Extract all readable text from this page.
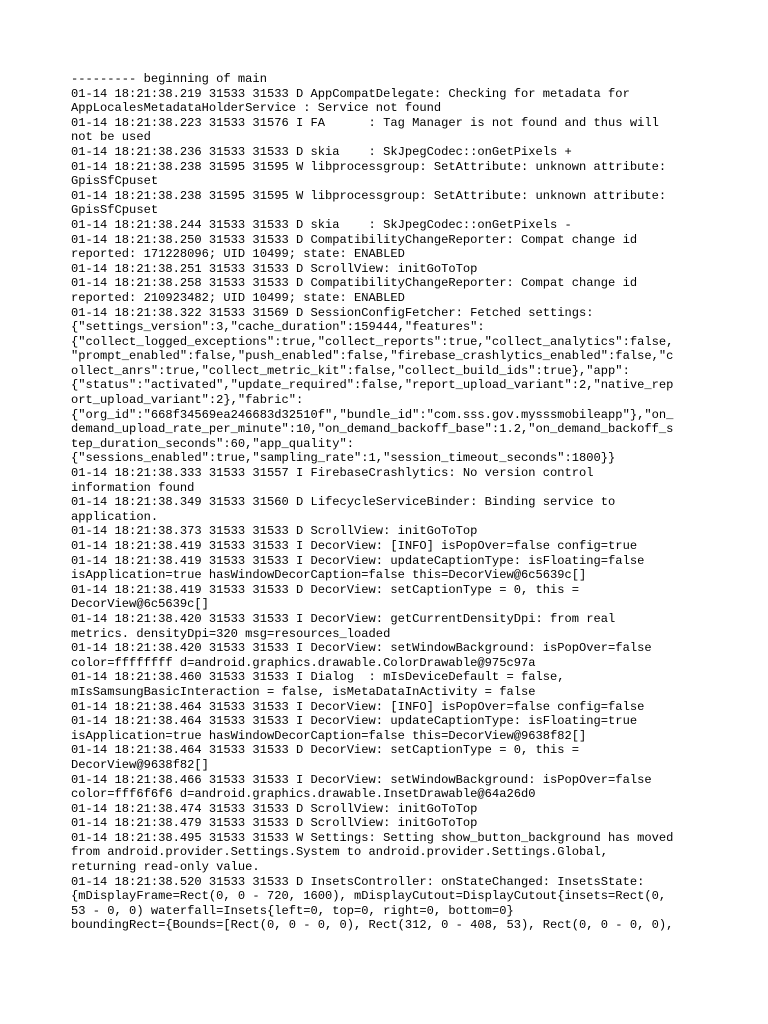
--------- beginning of main
01-14 18:21:38.219 31533 31533 D AppCompatDelegate: Checking for metadata for
AppLocalesMetadataHolderService : Service not found
01-14 18:21:38.223 31533 31576 I FA      : Tag Manager is not found and thus will
not be used
01-14 18:21:38.236 31533 31533 D skia    : SkJpegCodec::onGetPixels +
01-14 18:21:38.238 31595 31595 W libprocessgroup: SetAttribute: unknown attribute:
GpisSfCpuset
01-14 18:21:38.238 31595 31595 W libprocessgroup: SetAttribute: unknown attribute:
GpisSfCpuset
01-14 18:21:38.244 31533 31533 D skia    : SkJpegCodec::onGetPixels -
01-14 18:21:38.250 31533 31533 D CompatibilityChangeReporter: Compat change id
reported: 171228096; UID 10499; state: ENABLED
01-14 18:21:38.251 31533 31533 D ScrollView: initGoToTop
01-14 18:21:38.258 31533 31533 D CompatibilityChangeReporter: Compat change id
reported: 210923482; UID 10499; state: ENABLED
01-14 18:21:38.322 31533 31569 D SessionConfigFetcher: Fetched settings:
{"settings_version":3,"cache_duration":159444,"features":
{"collect_logged_exceptions":true,"collect_reports":true,"collect_analytics":false,
"prompt_enabled":false,"push_enabled":false,"firebase_crashlytics_enabled":false,"c
ollect_anrs":true,"collect_metric_kit":false,"collect_build_ids":true},"app":
{"status":"activated","update_required":false,"report_upload_variant":2,"native_rep
ort_upload_variant":2},"fabric":
{"org_id":"668f34569ea246683d32510f","bundle_id":"com.sss.gov.mysssmobileapp"},"on_
demand_upload_rate_per_minute":10,"on_demand_backoff_base":1.2,"on_demand_backoff_s
tep_duration_seconds":60,"app_quality":
{"sessions_enabled":true,"sampling_rate":1,"session_timeout_seconds":1800}}
01-14 18:21:38.333 31533 31557 I FirebaseCrashlytics: No version control
information found
01-14 18:21:38.349 31533 31560 D LifecycleServiceBinder: Binding service to
application.
01-14 18:21:38.373 31533 31533 D ScrollView: initGoToTop
01-14 18:21:38.419 31533 31533 I DecorView: [INFO] isPopOver=false config=true
01-14 18:21:38.419 31533 31533 I DecorView: updateCaptionType: isFloating=false
isApplication=true hasWindowDecorCaption=false this=DecorView@6c5639c[]
01-14 18:21:38.419 31533 31533 D DecorView: setCaptionType = 0, this =
DecorView@6c5639c[]
01-14 18:21:38.420 31533 31533 I DecorView: getCurrentDensityDpi: from real
metrics. densityDpi=320 msg=resources_loaded
01-14 18:21:38.420 31533 31533 I DecorView: setWindowBackground: isPopOver=false
color=ffffffff d=android.graphics.drawable.ColorDrawable@975c97a
01-14 18:21:38.460 31533 31533 I Dialog  : mIsDeviceDefault = false,
mIsSamsungBasicInteraction = false, isMetaDataInActivity = false
01-14 18:21:38.464 31533 31533 I DecorView: [INFO] isPopOver=false config=false
01-14 18:21:38.464 31533 31533 I DecorView: updateCaptionType: isFloating=true
isApplication=true hasWindowDecorCaption=false this=DecorView@9638f82[]
01-14 18:21:38.464 31533 31533 D DecorView: setCaptionType = 0, this =
DecorView@9638f82[]
01-14 18:21:38.466 31533 31533 I DecorView: setWindowBackground: isPopOver=false
color=fff6f6f6 d=android.graphics.drawable.InsetDrawable@64a26d0
01-14 18:21:38.474 31533 31533 D ScrollView: initGoToTop
01-14 18:21:38.479 31533 31533 D ScrollView: initGoToTop
01-14 18:21:38.495 31533 31533 W Settings: Setting show_button_background has moved
from android.provider.Settings.System to android.provider.Settings.Global,
returning read-only value.
01-14 18:21:38.520 31533 31533 D InsetsController: onStateChanged: InsetsState:
{mDisplayFrame=Rect(0, 0 - 720, 1600), mDisplayCutout=DisplayCutout{insets=Rect(0,
53 - 0, 0) waterfall=Insets{left=0, top=0, right=0, bottom=0}
boundingRect={Bounds=[Rect(0, 0 - 0, 0), Rect(312, 0 - 408, 53), Rect(0, 0 - 0, 0),
